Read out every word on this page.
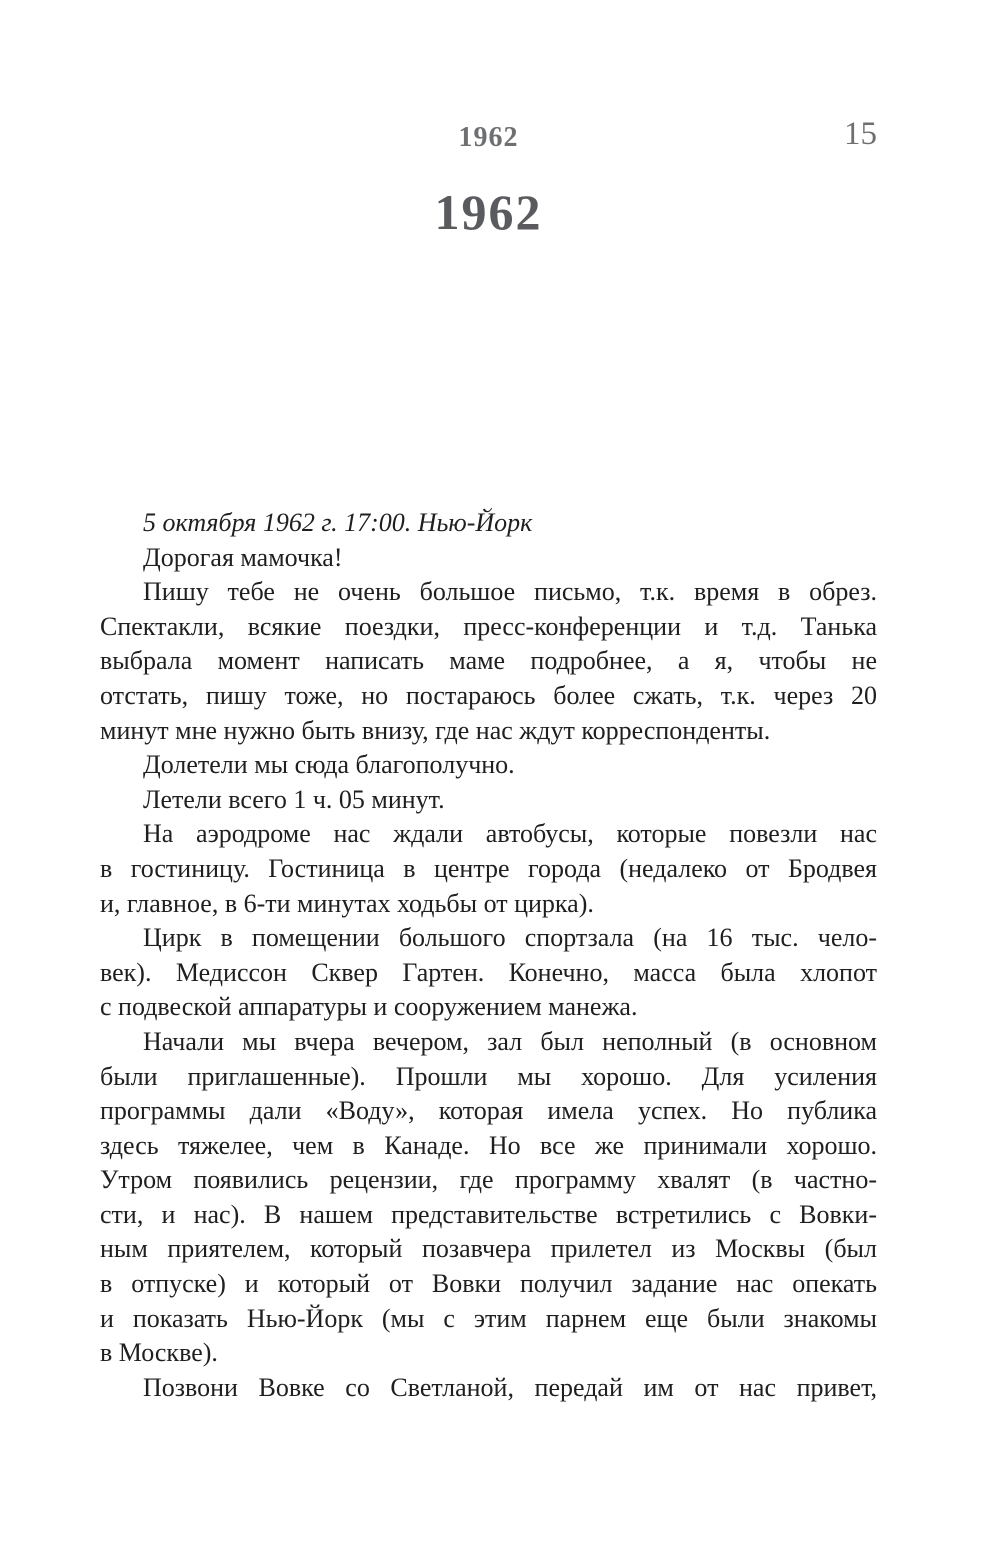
1962	15
1962
5 октября 1962 г. 17:00. Нью-Йорк
Дорогая мамочка!
Пишу тебе не очень большое письмо, т.к. время в обрез.
Спектакли, всякие поездки, пресс-конференции и т.д. Танька
выбрала момент написать маме подробнее, а я, чтобы не
отстать, пишу тоже, но постараюсь более сжать, т.к. через 20
минут мне нужно быть внизу, где нас ждут корреспонденты.
Долетели мы сюда благополучно.
Летели всего 1 ч. 05 минут.
На аэродроме нас ждали автобусы, которые повезли нас
в гостиницу. Гостиница в центре города (недалеко от Бродвея
и, главное, в 6-ти минутах ходьбы от цирка).
Цирк в помещении большого спортзала (на 16 тыс. чело-
век). Медиссон Сквер Гартен. Конечно, масса была хлопот
с подвеской аппаратуры и сооружением манежа.
Начали мы вчера вечером, зал был неполный (в основном
были приглашенные). Прошли мы хорошо. Для усиления
программы дали «Воду», которая имела успех. Но публика
здесь тяжелее, чем в Канаде. Но все же принимали хорошо.
Утром появились рецензии, где программу хвалят (в частно-
сти, и нас). В нашем представительстве встретились с Вовки-
ным приятелем, который позавчера прилетел из Москвы (был
в отпуске) и который от Вовки получил задание нас опекать
и показать Нью-Йорк (мы с этим парнем еще были знакомы
в Москве).
Позвони Вовке со Светланой, передай им от нас привет,
